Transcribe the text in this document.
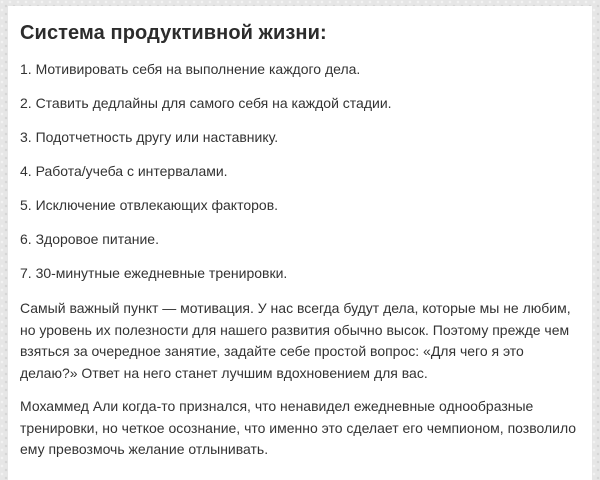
Система продуктивной жизни:
1. Мотивировать себя на выполнение каждого дела.
2. Ставить дедлайны для самого себя на каждой стадии.
3. Подотчетность другу или наставнику.
4. Работа/учеба с интервалами.
5. Исключение отвлекающих факторов.
6. Здоровое питание.
7. 30-минутные ежедневные тренировки.

Самый важный пункт — мотивация. У нас всегда будут дела, которые мы не любим, но уровень их полезности для нашего развития обычно высок. Поэтому прежде чем взяться за очередное занятие, задайте себе простой вопрос: «Для чего я это делаю?» Ответ на него станет лучшим вдохновением для вас.

Мохаммед Али когда-то признался, что ненавидел ежедневные однообразные тренировки, но четкое осознание, что именно это сделает его чемпионом, позволило ему превозмочь желание отлынивать.
